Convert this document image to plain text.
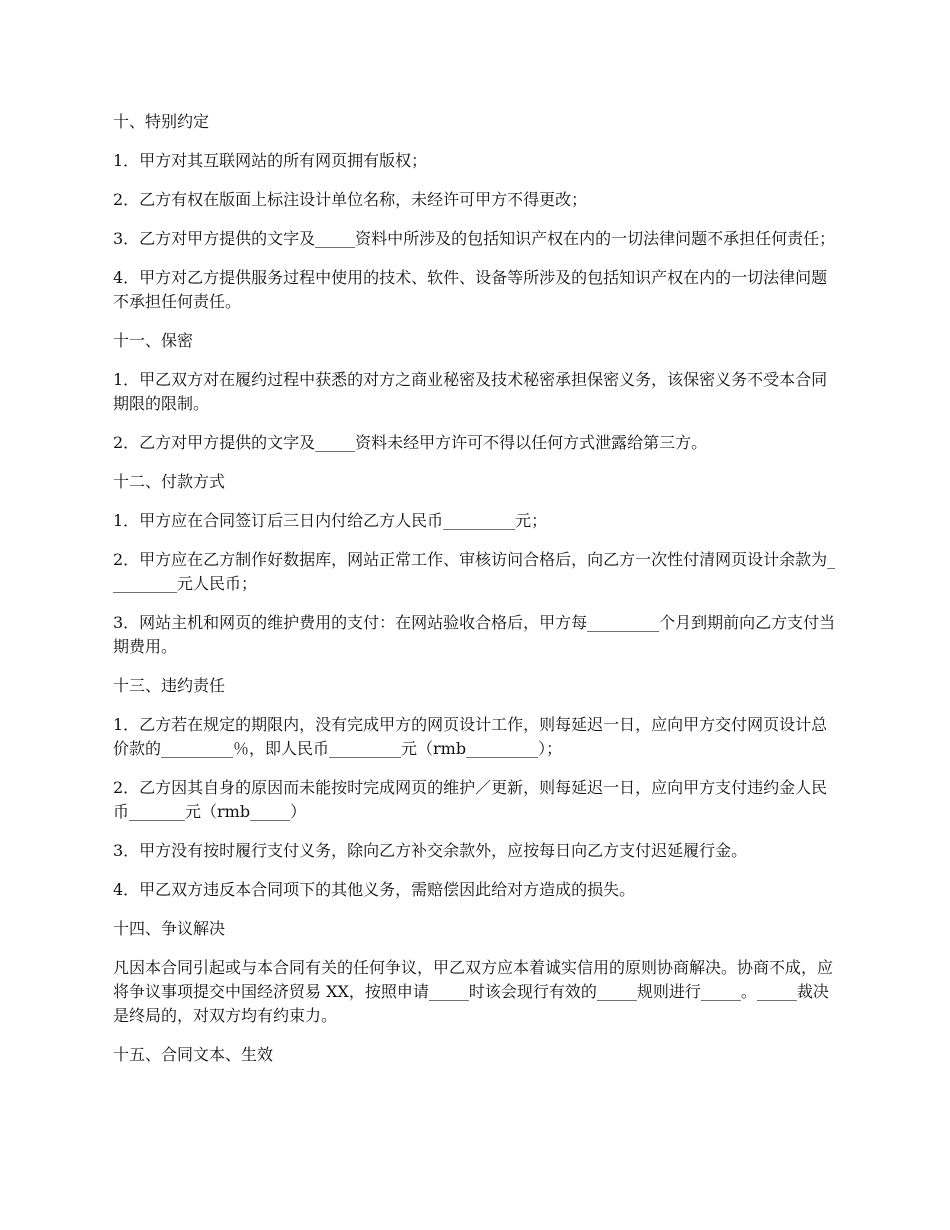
十、特别约定

1．甲方对其互联网站的所有网页拥有版权；

2．乙方有权在版面上标注设计单位名称，未经许可甲方不得更改；

3．乙方对甲方提供的文字及_____资料中所涉及的包括知识产权在内的一切法律问题不承担任何责任；

4．甲方对乙方提供服务过程中使用的技术、软件、设备等所涉及的包括知识产权在内的一切法律问题不承担任何责任。

十一、保密

1．甲乙双方对在履约过程中获悉的对方之商业秘密及技术秘密承担保密义务，该保密义务不受本合同期限的限制。

2．乙方对甲方提供的文字及_____资料未经甲方许可不得以任何方式泄露给第三方。

十二、付款方式

1．甲方应在合同签订后三日内付给乙方人民币_________元；

2．甲方应在乙方制作好数据库，网站正常工作、审核访问合格后，向乙方一次性付清网页设计余款为_________元人民币；

3．网站主机和网页的维护费用的支付：在网站验收合格后，甲方每_________个月到期前向乙方支付当期费用。

十三、违约责任

1．乙方若在规定的期限内，没有完成甲方的网页设计工作，则每延迟一日，应向甲方交付网页设计总价款的_________％，即人民币_________元（rmb_________）；

2．乙方因其自身的原因而未能按时完成网页的维护／更新，则每延迟一日，应向甲方支付违约金人民币_______元（rmb_____）

3．甲方没有按时履行支付义务，除向乙方补交余款外，应按每日向乙方支付迟延履行金。

4．甲乙双方违反本合同项下的其他义务，需赔偿因此给对方造成的损失。

十四、争议解决

凡因本合同引起或与本合同有关的任何争议，甲乙双方应本着诚实信用的原则协商解决。协商不成，应将争议事项提交中国经济贸易 XX，按照申请_____时该会现行有效的_____规则进行_____。_____裁决是终局的，对双方均有约束力。

十五、合同文本、生效
